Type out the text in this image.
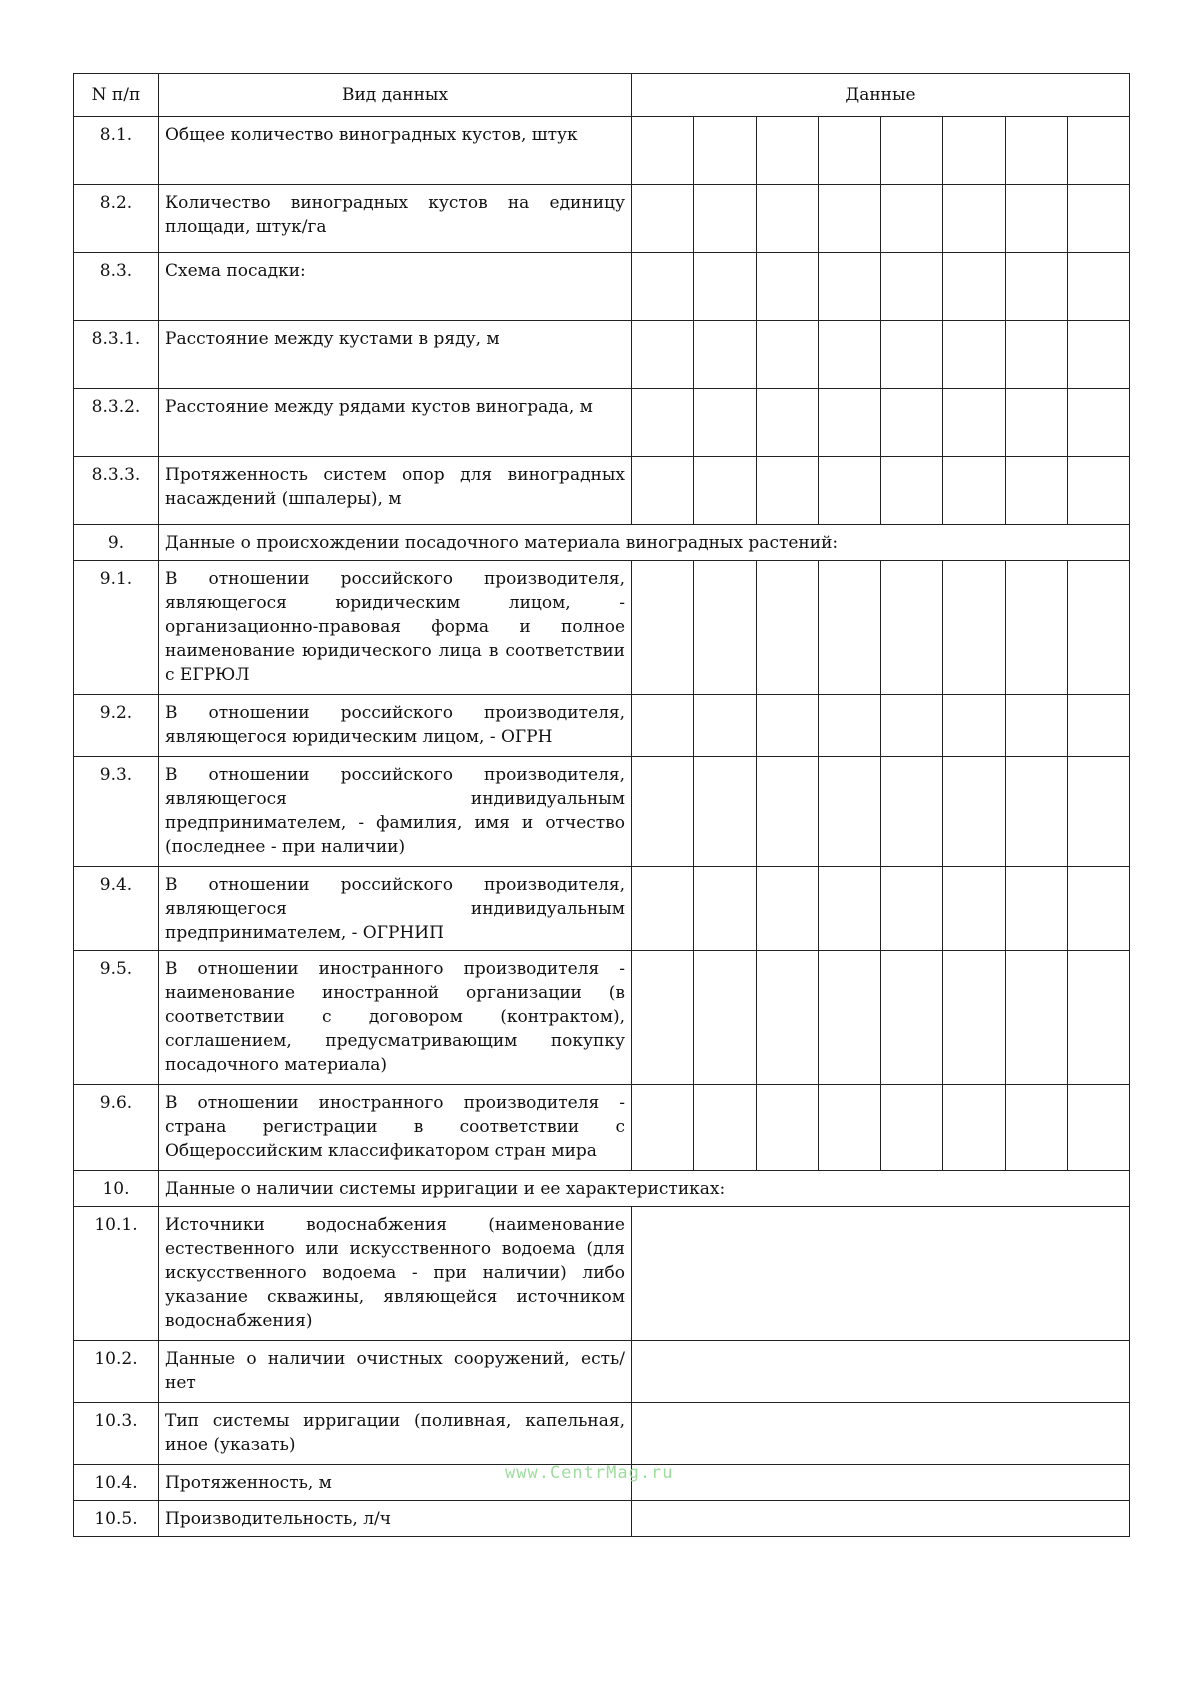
N п/п	Вид данных	Данные							
8.1.	Общее количество виноградных кустов, штук								
8.2.	Количество виноградных кустов на единицу площади, штук/га								
8.3.	Схема посадки:								
8.3.1.	Расстояние между кустами в ряду, м								
8.3.2.	Расстояние между рядами кустов винограда, м								
8.3.3.	Протяженность систем опор для виноградных насаждений (шпалеры), м								
9.	Данные о происхождении посадочного материала виноградных растений:								
9.1.	В отношении российского производителя, являющегося юридическим лицом, - организационно-правовая форма и полное наименование юридического лица в соответствии с ЕГРЮЛ								
9.2.	В отношении российского производителя, являющегося юридическим лицом, - ОГРН								
9.3.	В отношении российского производителя, являющегося индивидуальным предпринимателем, - фамилия, имя и отчество (последнее - при наличии)								
9.4.	В отношении российского производителя, являющегося индивидуальным предпринимателем, - ОГРНИП								
9.5.	В отношении иностранного производителя - наименование иностранной организации (в соответствии с договором (контрактом), соглашением, предусматривающим покупку посадочного материала)								
9.6.	В отношении иностранного производителя - страна регистрации в соответствии с Общероссийским классификатором стран мира								
10.	Данные о наличии системы ирригации и ее характеристиках:								
10.1.	Источники водоснабжения (наименование естественного или искусственного водоема (для искусственного водоема - при наличии) либо указание скважины, являющейся источником водоснабжения)								
10.2.	Данные о наличии очистных сооружений, есть/нет								
10.3.	Тип системы ирригации (поливная, капельная, иное (указать)								
10.4.	Протяженность, м								
10.5.	Производительность, л/ч								
www.CentrMag.ru
